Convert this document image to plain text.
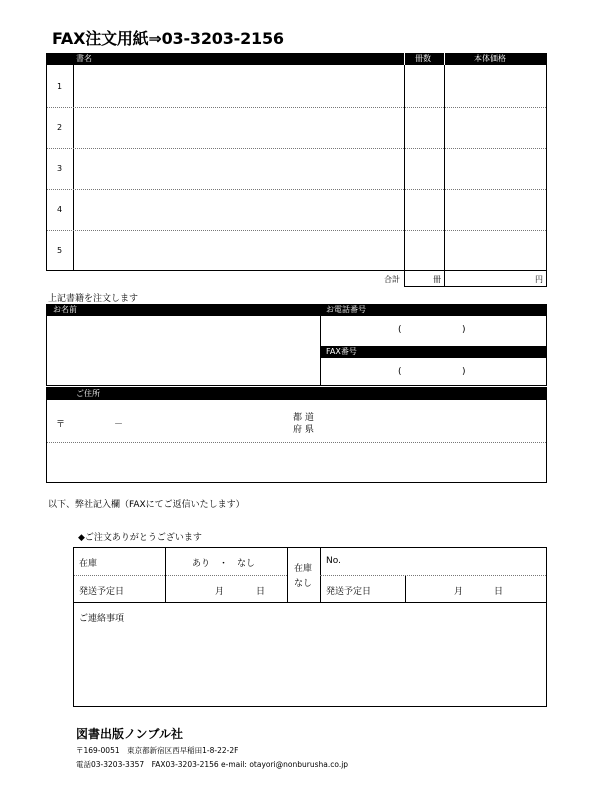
FAX注文用紙⇒03-3203-2156
書名	冊数	本体価格
1
2
3
4
5
合計	冊	円
上記書籍を注文します
お名前	お電話番号
(	)
FAX番号
(	)
ご住所
〒	－
都 道
府 県
以下、弊社記入欄（FAXにてご返信いたします）
◆ご注文ありがとうございます
在庫	あり　・　なし
発送予定日	月	日
在庫
なし
No.
発送予定日	月	日
ご連絡事項
図書出版ノンブル社
〒169-0051　東京都新宿区西早稲田1-8-22-2F
電話03-3203-3357　FAX03-3203-2156 e-mail: otayori@nonburusha.co.jp
